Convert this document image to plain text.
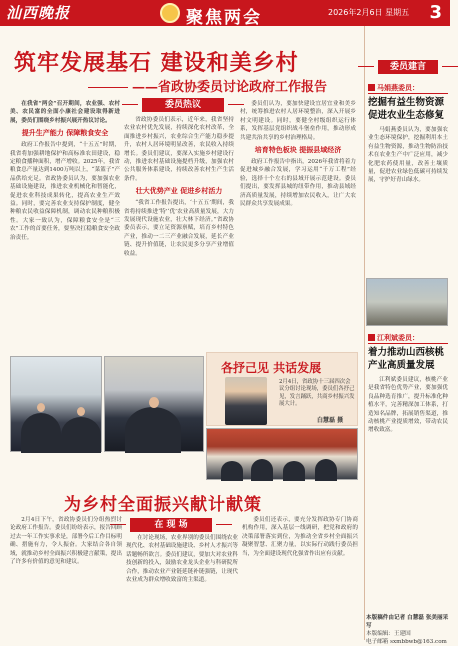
汕西晚报	聚焦两会	2026年2月6日 星期五 3
筑牢发展基石 建设和美乡村
——省政协委员讨论政府工作报告

在我省“两会”召开期间，农业强、农村美、农民富的全面小康社会建设取得新进展，委员们围绕乡村振兴展开热议讨论。

提升生产能力 保障粮食安全

政府工作报告中提到，“十五五”时期，我省将加强耕地保护和高标准农田建设，稳定粮食播种面积，增产增收。2025年，我省粮食总产量达到1400万吨以上，“菜篮子”产品供给充足。省政协委员认为，要加强农业基础设施建设，推进农业机械化和智能化，促进农业科技成果转化，提高农业生产效益。同时，要完善农业支持保护制度，健全种粮农民收益保障机制，调动农民种粮积极性。大家一致认为，保障粮食安全是“三农”工作的首要任务，要坚决扛稳粮食安全政治责任。

委员热议

省政协委员们表示，近年来，我省坚持农业农村优先发展，持续深化农村改革，全面推进乡村振兴，农业综合生产能力稳步提升，农村人居环境明显改善，农民收入持续增长。委员们建议，要深入实施乡村建设行动，推进农村基础设施提档升级，加强农村公共服务体系建设，持续改善农村生产生活条件。

壮大优势产业 促进乡村活力

“我省工作报告提出，‘十五五’期间，我省将持续推进‘特’‘优’农业高质量发展，大力发展现代设施农业，壮大林下经济。”省政协委员表示，要立足资源禀赋，培育乡村特色产业，推动一二三产业融合发展，延长产业链、提升价值链，让农民更多分享产业增值收益。

委员们认为，要加快建设宜居宜业和美乡村，统筹推进农村人居环境整治，深入开展乡村文明建设。同时，要健全村级组织运行体系，发挥基层党组织战斗堡垒作用，推动形成共建共治共享的乡村治理格局。

培育特色板块 提振县域经济

政府工作报告中指出，2026年我省将着力促进城乡融合发展，学习运用“千万工程”经验，选择十个左右的县域开展示范建设。委员们提出，要发挥县城的纽带作用，推动县域经济高质量发展，持续增加农民收入，让广大农民群众共享发展成果。

各抒己见 共话发展
2月4日，省政协十三届四次会议分组讨论现场，委员们各抒己见，发言踊跃，共商乡村振兴发展大计。
白慧磊 摄
为乡村全面振兴献计献策
在 现 场

2月4日下午，省政协委员们分组热烈讨论政府工作报告。委员们纷纷表示，报告回顾过去一年工作实事求是，部署今后工作目标明确、措施有力，令人振奋。大家结合各自领域，就推动乡村全面振兴积极建言献策，提出了许多有价值的意见和建议。

在讨论现场，农业界别的委员们围绕农业现代化、农村基础设施建设、乡村人才振兴等话题畅所欲言。委员们建议，要加大对农业科技创新的投入，鼓励农业龙头企业与科研院所合作，推动农业产业链延链补链强链，让现代农业成为群众增收致富的主渠道。

委员们还表示，要充分发挥政协专门协商机构作用，深入基层一线调研，把党和政府的决策部署落实到位，为推动全省乡村全面振兴凝聚智慧、汇聚力量，以实际行动践行委员担当，为全面建设现代化强省作出应有贡献。

委员建言
马娟燕委员：
挖掘有益生物资源促进农业生态修复

马娟燕委员认为，要加强农业生态环境保护，挖掘利用本土有益生物资源，推动生物防治技术在农业生产中广泛应用，减少化肥农药使用量，改善土壤质量，促进农业绿色低碳可持续发展，守护好青山绿水。

江利斌委员：
着力推动山西核桃产业高质量发展

江利斌委员建议，核桃产业是我省特色优势产业，要加强优良品种选育推广，提升标准化种植水平，完善精深加工体系，打造知名品牌，拓展销售渠道，推动核桃产业提质增效，带动农民增收致富。

本版稿件由记者 白慧磊 张美丽采写
本版编辑：王建国
电子邮箱 sxmbbwb@163.com
